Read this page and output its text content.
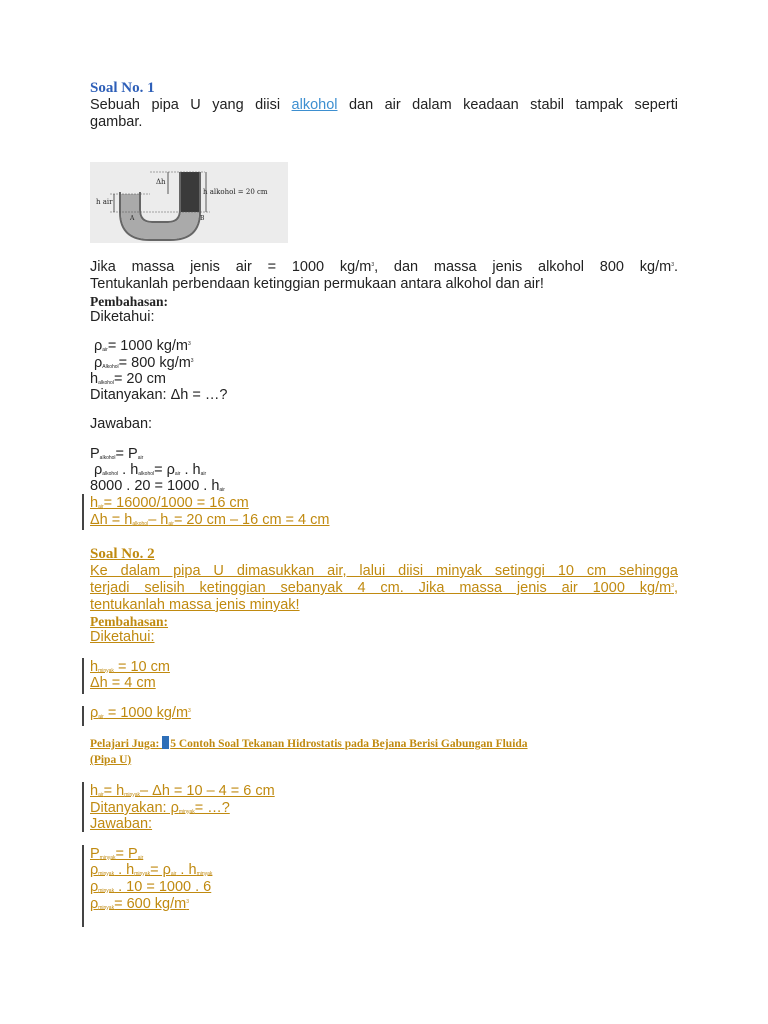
Δh
h air
h alkohol = 20 cm
A	B
Soal No. 1
Sebuah pipa U yang diisi alkohol dan air dalam keadaan stabil tampak seperti
gambar.
Jika massa jenis air = 1000 $kg/m^3$, dan massa jenis alkohol 800 $kg/m^3$.
Tentukanlah perbendaan ketinggian permukaan antara alkohol dan air!
Pembahasan:
Diketahui:
$\rho_{air}= 1000$ $kg/m^3$
$\rho_{Alkohol}= 800$ $kg/m^3$
$h_{alkohol}= 20$ cm
Ditanyakan: Δh = …?
Jawaban:
$P_{alkohol}= P_{air}$
$\rho_{alkohol}$ . $h_{alkohol}= \rho_{air}$ . $h_{air}$
8000 . 20 = 1000 . $h_{air}$
$h_{air}= 16000/1000 = 16$ cm
$\Delta h = h_{alkohol}-$ $h_{air}= 20$ cm – 16 cm = 4 cm
Soal No. 2
Ke dalam pipa U dimasukkan air, lalui diisi minyak setinggi 10 cm sehingga
terjadi selisih ketinggian sebanyak 4 cm. Jika massa jenis air 1000 $kg/m^3$,
tentukanlah massa jenis minyak!
Pembahasan:
Diketahui:
$h_{minyak} = 10$ cm
Δh = 4 cm
$\rho_{air} = 1000$ $kg/m^3$
Pelajari Juga: 5 Contoh Soal Tekanan Hidrostatis pada Bejana Berisi Gabungan Fluida
(Pipa U)
$h_{air}= h_{minyak}-$ Δh = 10 – 4 = 6 cm
Ditanyakan: $\rho_{minyak}=$ …?
Jawaban:
$P_{minyak}= P_{air}$
$\rho_{minyak}$ . $h_{minyak}= \rho_{air}$ . $h_{minyak}$
$\rho_{minyak}$ . 10 = 1000 . 6
$\rho_{minyak}= 600$ $kg/m^3$
